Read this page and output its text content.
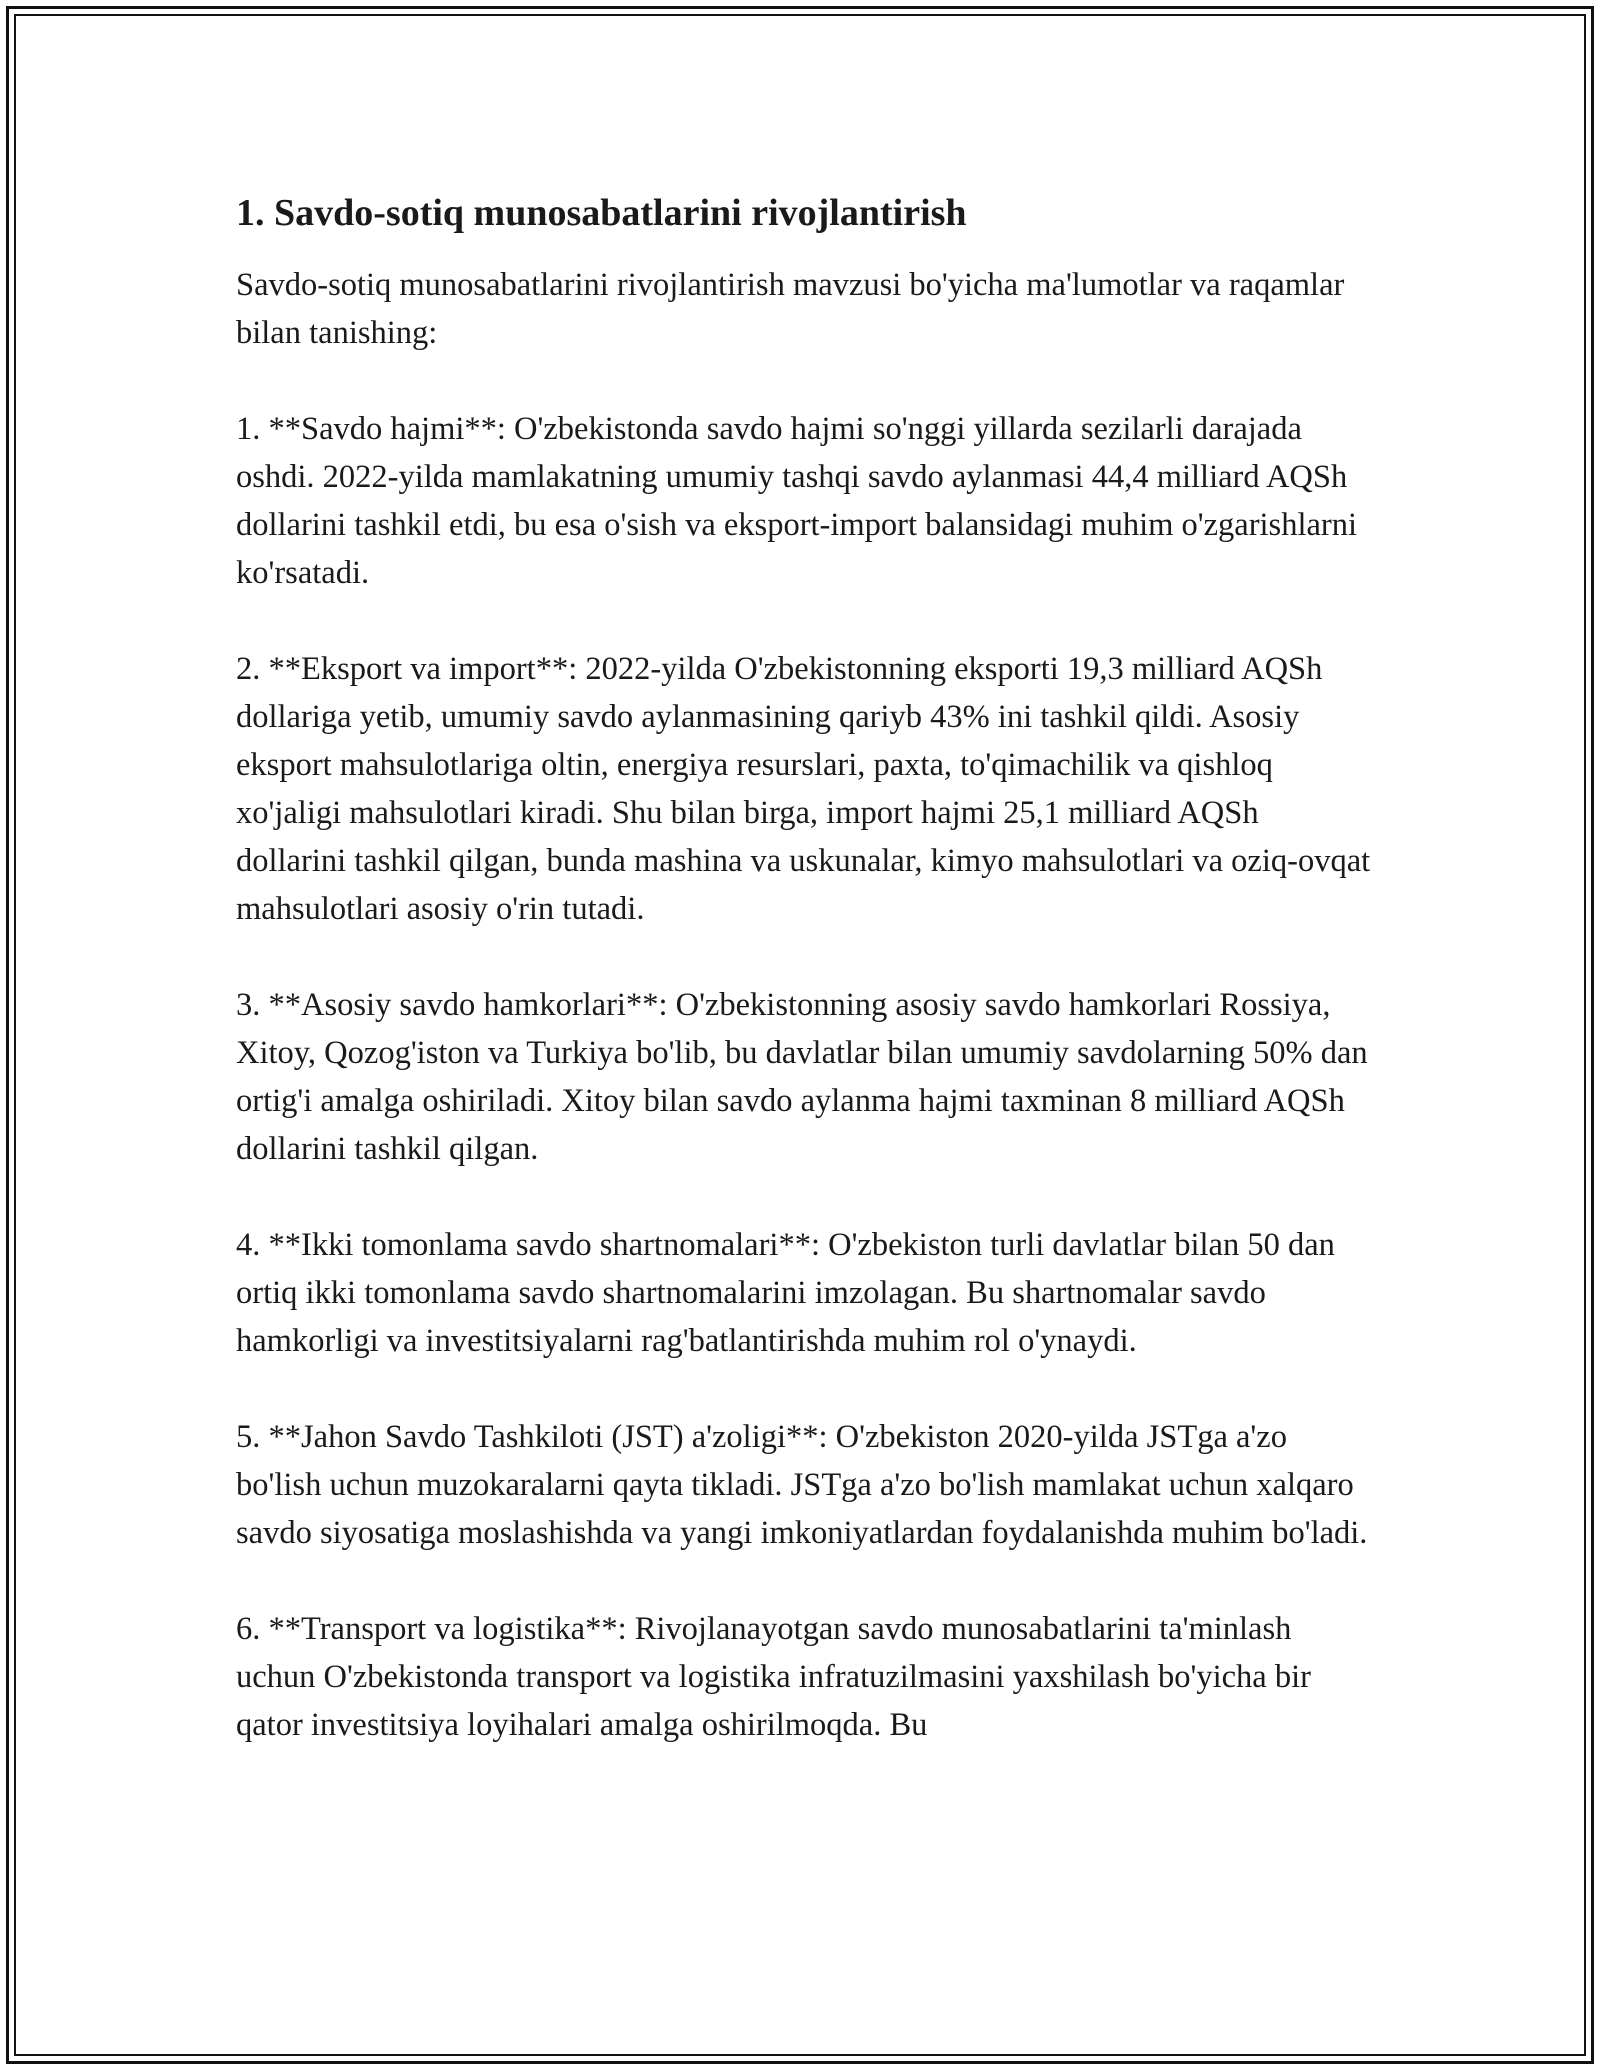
1. Savdo-sotiq munosabatlarini rivojlantirish

Savdo-sotiq munosabatlarini rivojlantirish mavzusi bo'yicha ma'lumotlar va raqamlar bilan tanishing:

1. **Savdo hajmi**: O'zbekistonda savdo hajmi so'nggi yillarda sezilarli darajada oshdi. 2022-yilda mamlakatning umumiy tashqi savdo aylanmasi 44,4 milliard AQSh dollarini tashkil etdi, bu esa o'sish va eksport-import balansidagi muhim o'zgarishlarni ko'rsatadi.

2. **Eksport va import**: 2022-yilda O'zbekistonning eksporti 19,3 milliard AQSh dollariga yetib, umumiy savdo aylanmasining qariyb 43% ini tashkil qildi. Asosiy eksport mahsulotlariga oltin, energiya resurslari, paxta, to'qimachilik va qishloq xo'jaligi mahsulotlari kiradi. Shu bilan birga, import hajmi 25,1 milliard AQSh dollarini tashkil qilgan, bunda mashina va uskunalar, kimyo mahsulotlari va oziq-ovqat mahsulotlari asosiy o'rin tutadi.

3. **Asosiy savdo hamkorlari**: O'zbekistonning asosiy savdo hamkorlari Rossiya, Xitoy, Qozog'iston va Turkiya bo'lib, bu davlatlar bilan umumiy savdolarning 50% dan ortig'i amalga oshiriladi. Xitoy bilan savdo aylanma hajmi taxminan 8 milliard AQSh dollarini tashkil qilgan.

4. **Ikki tomonlama savdo shartnomalari**: O'zbekiston turli davlatlar bilan 50 dan ortiq ikki tomonlama savdo shartnomalarini imzolagan. Bu shartnomalar savdo hamkorligi va investitsiyalarni rag'batlantirishda muhim rol o'ynaydi.

5. **Jahon Savdo Tashkiloti (JST) a'zoligi**: O'zbekiston 2020-yilda JSTga a'zo bo'lish uchun muzokaralarni qayta tikladi. JSTga a'zo bo'lish mamlakat uchun xalqaro savdo siyosatiga moslashishda va yangi imkoniyatlardan foydalanishda muhim bo'ladi.

6. **Transport va logistika**: Rivojlanayotgan savdo munosabatlarini ta'minlash uchun O'zbekistonda transport va logistika infratuzilmasini yaxshilash bo'yicha bir qator investitsiya loyihalari amalga oshirilmoqda. Bu
